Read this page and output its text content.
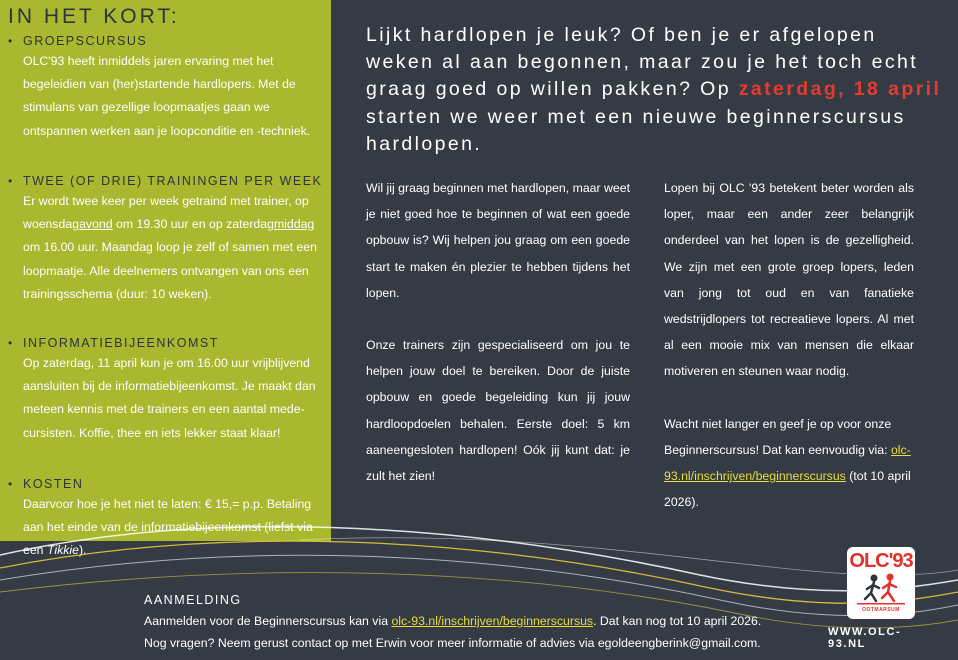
IN HET KORT:
• GROEPSCURSUS
OLC'93 heeft inmiddels jaren ervaring met het begeleidien van (her)startende hardlopers. Met de stimulans van gezellige loopmaatjes gaan we ontspannen werken aan je loopconditie en -techniek.
• TWEE (OF DRIE) TRAININGEN PER WEEK
Er wordt twee keer per week getraind met trainer, op woensdagavond om 19.30 uur en op zaterdagmiddag om 16.00 uur. Maandag loop je zelf of samen met een loopmaatje. Alle deelnemers ontvangen van ons een trainingsschema (duur: 10 weken).
• INFORMATIEBIJEENKOMST
Op zaterdag, 11 april kun je om 16.00 uur vrijblijvend aansluiten bij de informatiebijeenkomst. Je maakt dan meteen kennis met de trainers en een aantal mede-cursisten. Koffie, thee en iets lekker staat klaar!
• KOSTEN
Daarvoor hoe je het niet te laten: € 15,= p.p. Betaling aan het einde van de informatiebijeenkomst (liefst via een Tikkie).
Lijkt hardlopen je leuk? Of ben je er afgelopen weken al aan begonnen, maar zou je het toch echt graag goed op willen pakken? Op zaterdag, 18 april starten we weer met een nieuwe beginnerscursus hardlopen.

Wil jij graag beginnen met hardlopen, maar weet je niet goed hoe te beginnen of wat een goede opbouw is? Wij helpen jou graag om een goede start te maken én plezier te hebben tijdens het lopen.

Onze trainers zijn gespecialiseerd om jou te helpen jouw doel te bereiken. Door de juiste opbouw en goede begeleiding kun jij jouw hardloopdoelen behalen. Eerste doel: 5 km aaneengesloten hardlopen! Oók jij kunt dat: je zult het zien!

Lopen bij OLC '93 betekent beter worden als loper, maar een ander zeer belangrijk onderdeel van het lopen is de gezelligheid. We zijn met een grote groep lopers, leden van jong tot oud en van fanatieke wedstrijdlopers tot recreatieve lopers. Al met al een mooie mix van mensen die elkaar motiveren en steunen waar nodig.

Wacht niet langer en geef je op voor onze Beginnerscursus! Dat kan eenvoudig via: olc-93.nl/inschrijven/beginnerscursus (tot 10 april 2026).

AANMELDING
Aanmelden voor de Beginnerscursus kan via olc-93.nl/inschrijven/beginnerscursus. Dat kan nog tot 10 april 2026.
Nog vragen? Neem gerust contact op met Erwin voor meer informatie of advies via egoldeengberink@gmail.com.
OLC'93
OOTMARSUM
WWW.OLC-93.NL
